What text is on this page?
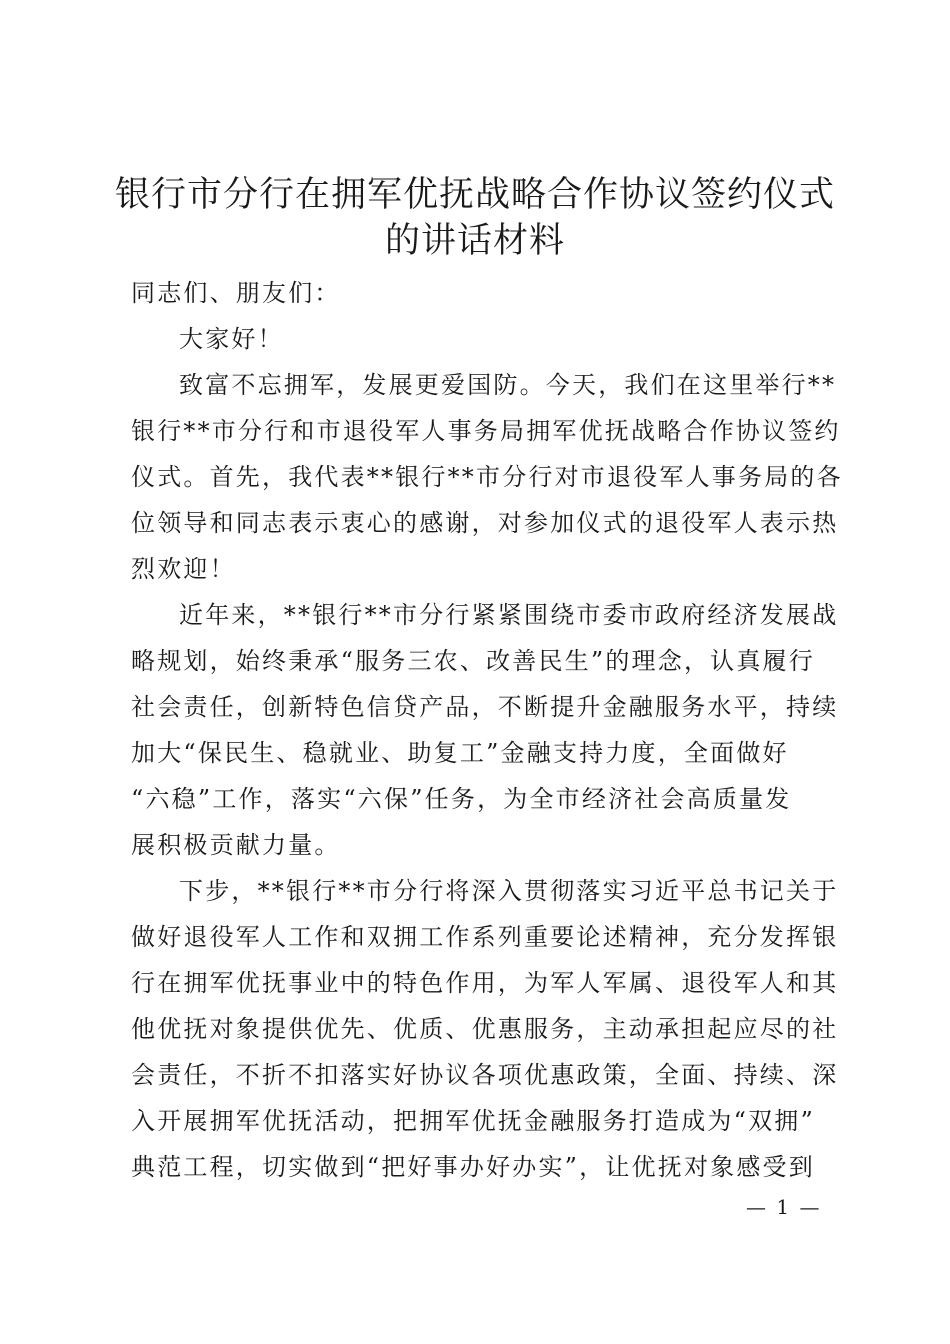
银行市分行在拥军优抚战略合作协议签约仪式
的讲话材料

同志们、朋友们：

大家好！

致富不忘拥军，发展更爱国防。今天，我们在这里举行**

银行**市分行和市退役军人事务局拥军优抚战略合作协议签约

仪式。首先，我代表**银行**市分行对市退役军人事务局的各

位领导和同志表示衷心的感谢，对参加仪式的退役军人表示热

烈欢迎！

近年来，**银行**市分行紧紧围绕市委市政府经济发展战

略规划，始终秉承“服务三农、改善民生”的理念，认真履行

社会责任，创新特色信贷产品，不断提升金融服务水平，持续

加大“保民生、稳就业、助复工”金融支持力度，全面做好

“六稳”工作，落实“六保”任务，为全市经济社会高质量发

展积极贡献力量。

下步，**银行**市分行将深入贯彻落实习近平总书记关于

做好退役军人工作和双拥工作系列重要论述精神，充分发挥银

行在拥军优抚事业中的特色作用，为军人军属、退役军人和其

他优抚对象提供优先、优质、优惠服务，主动承担起应尽的社

会责任，不折不扣落实好协议各项优惠政策，全面、持续、深

入开展拥军优抚活动，把拥军优抚金融服务打造成为“双拥”

典范工程，切实做到“把好事办好办实”，让优抚对象感受到

— 1 —
